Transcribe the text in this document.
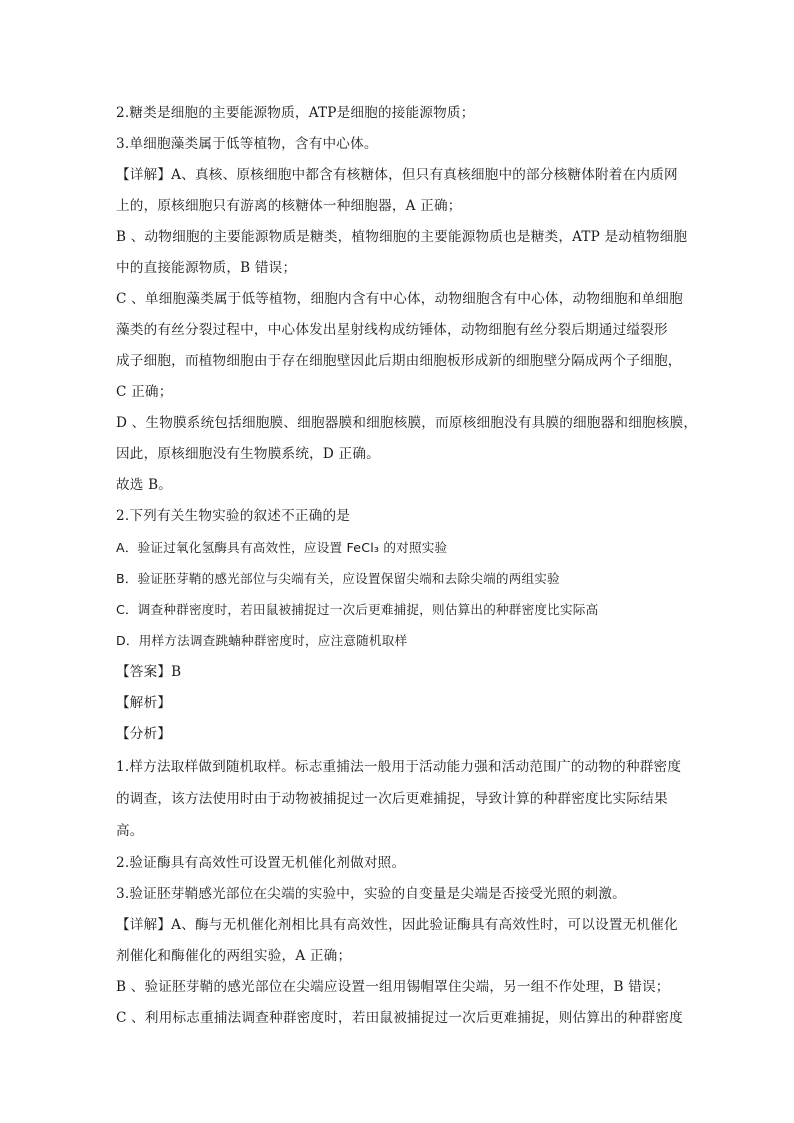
2.糖类是细胞的主要能源物质，ATP是细胞的接能源物质；
3.单细胞藻类属于低等植物，含有中心体。
【详解】A、真核、原核细胞中都含有核糖体，但只有真核细胞中的部分核糖体附着在内质网
上的，原核细胞只有游离的核糖体一种细胞器，A 正确；
B 、动物细胞的主要能源物质是糖类，植物细胞的主要能源物质也是糖类，ATP 是动植物细胞
中的直接能源物质，B 错误；
C 、单细胞藻类属于低等植物，细胞内含有中心体，动物细胞含有中心体，动物细胞和单细胞
藻类的有丝分裂过程中，中心体发出星射线构成纺锤体，动物细胞有丝分裂后期通过缢裂形
成子细胞，而植物细胞由于存在细胞壁因此后期由细胞板形成新的细胞壁分隔成两个子细胞，
C 正确；
D 、生物膜系统包括细胞膜、细胞器膜和细胞核膜，而原核细胞没有具膜的细胞器和细胞核膜，
因此，原核细胞没有生物膜系统，D 正确。
故选 B。
2.下列有关生物实验的叙述不正确的是
A．验证过氧化氢酶具有高效性，应设置 FeCl₃ 的对照实验
B．验证胚芽鞘的感光部位与尖端有关，应设置保留尖端和去除尖端的两组实验
C．调查种群密度时，若田鼠被捕捉过一次后更难捕捉，则估算出的种群密度比实际高
D．用样方法调查跳蝻种群密度时，应注意随机取样
【答案】B
【解析】
【分析】
1.样方法取样做到随机取样。标志重捕法一般用于活动能力强和活动范围广的动物的种群密度
的调查，该方法使用时由于动物被捕捉过一次后更难捕捉，导致计算的种群密度比实际结果
高。
2.验证酶具有高效性可设置无机催化剂做对照。
3.验证胚芽鞘感光部位在尖端的实验中，实验的自变量是尖端是否接受光照的刺激。
【详解】A、酶与无机催化剂相比具有高效性，因此验证酶具有高效性时，可以设置无机催化
剂催化和酶催化的两组实验，A 正确；
B 、验证胚芽鞘的感光部位在尖端应设置一组用锡帽罩住尖端，另一组不作处理，B 错误；
C 、利用标志重捕法调查种群密度时，若田鼠被捕捉过一次后更难捕捉，则估算出的种群密度
